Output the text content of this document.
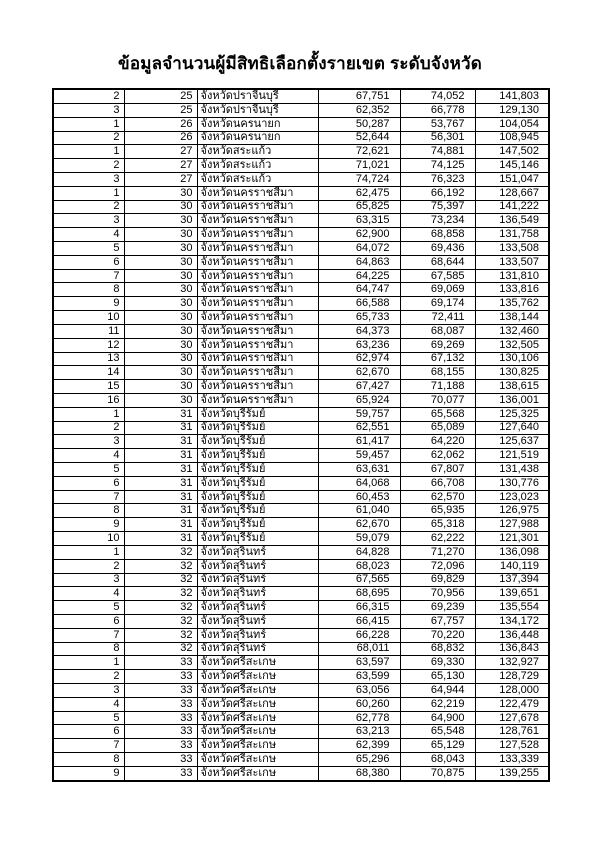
ข้อมูลจำนวนผู้มีสิทธิเลือกตั้งรายเขต ระดับจังหวัด
2	25	จังหวัดปราจีนบุรี	67,751	74,052	141,803
3	25	จังหวัดปราจีนบุรี	62,352	66,778	129,130
1	26	จังหวัดนครนายก	50,287	53,767	104,054
2	26	จังหวัดนครนายก	52,644	56,301	108,945
1	27	จังหวัดสระแก้ว	72,621	74,881	147,502
2	27	จังหวัดสระแก้ว	71,021	74,125	145,146
3	27	จังหวัดสระแก้ว	74,724	76,323	151,047
1	30	จังหวัดนครราชสีมา	62,475	66,192	128,667
2	30	จังหวัดนครราชสีมา	65,825	75,397	141,222
3	30	จังหวัดนครราชสีมา	63,315	73,234	136,549
4	30	จังหวัดนครราชสีมา	62,900	68,858	131,758
5	30	จังหวัดนครราชสีมา	64,072	69,436	133,508
6	30	จังหวัดนครราชสีมา	64,863	68,644	133,507
7	30	จังหวัดนครราชสีมา	64,225	67,585	131,810
8	30	จังหวัดนครราชสีมา	64,747	69,069	133,816
9	30	จังหวัดนครราชสีมา	66,588	69,174	135,762
10	30	จังหวัดนครราชสีมา	65,733	72,411	138,144
11	30	จังหวัดนครราชสีมา	64,373	68,087	132,460
12	30	จังหวัดนครราชสีมา	63,236	69,269	132,505
13	30	จังหวัดนครราชสีมา	62,974	67,132	130,106
14	30	จังหวัดนครราชสีมา	62,670	68,155	130,825
15	30	จังหวัดนครราชสีมา	67,427	71,188	138,615
16	30	จังหวัดนครราชสีมา	65,924	70,077	136,001
1	31	จังหวัดบุรีรัมย์	59,757	65,568	125,325
2	31	จังหวัดบุรีรัมย์	62,551	65,089	127,640
3	31	จังหวัดบุรีรัมย์	61,417	64,220	125,637
4	31	จังหวัดบุรีรัมย์	59,457	62,062	121,519
5	31	จังหวัดบุรีรัมย์	63,631	67,807	131,438
6	31	จังหวัดบุรีรัมย์	64,068	66,708	130,776
7	31	จังหวัดบุรีรัมย์	60,453	62,570	123,023
8	31	จังหวัดบุรีรัมย์	61,040	65,935	126,975
9	31	จังหวัดบุรีรัมย์	62,670	65,318	127,988
10	31	จังหวัดบุรีรัมย์	59,079	62,222	121,301
1	32	จังหวัดสุรินทร์	64,828	71,270	136,098
2	32	จังหวัดสุรินทร์	68,023	72,096	140,119
3	32	จังหวัดสุรินทร์	67,565	69,829	137,394
4	32	จังหวัดสุรินทร์	68,695	70,956	139,651
5	32	จังหวัดสุรินทร์	66,315	69,239	135,554
6	32	จังหวัดสุรินทร์	66,415	67,757	134,172
7	32	จังหวัดสุรินทร์	66,228	70,220	136,448
8	32	จังหวัดสุรินทร์	68,011	68,832	136,843
1	33	จังหวัดศรีสะเกษ	63,597	69,330	132,927
2	33	จังหวัดศรีสะเกษ	63,599	65,130	128,729
3	33	จังหวัดศรีสะเกษ	63,056	64,944	128,000
4	33	จังหวัดศรีสะเกษ	60,260	62,219	122,479
5	33	จังหวัดศรีสะเกษ	62,778	64,900	127,678
6	33	จังหวัดศรีสะเกษ	63,213	65,548	128,761
7	33	จังหวัดศรีสะเกษ	62,399	65,129	127,528
8	33	จังหวัดศรีสะเกษ	65,296	68,043	133,339
9	33	จังหวัดศรีสะเกษ	68,380	70,875	139,255
